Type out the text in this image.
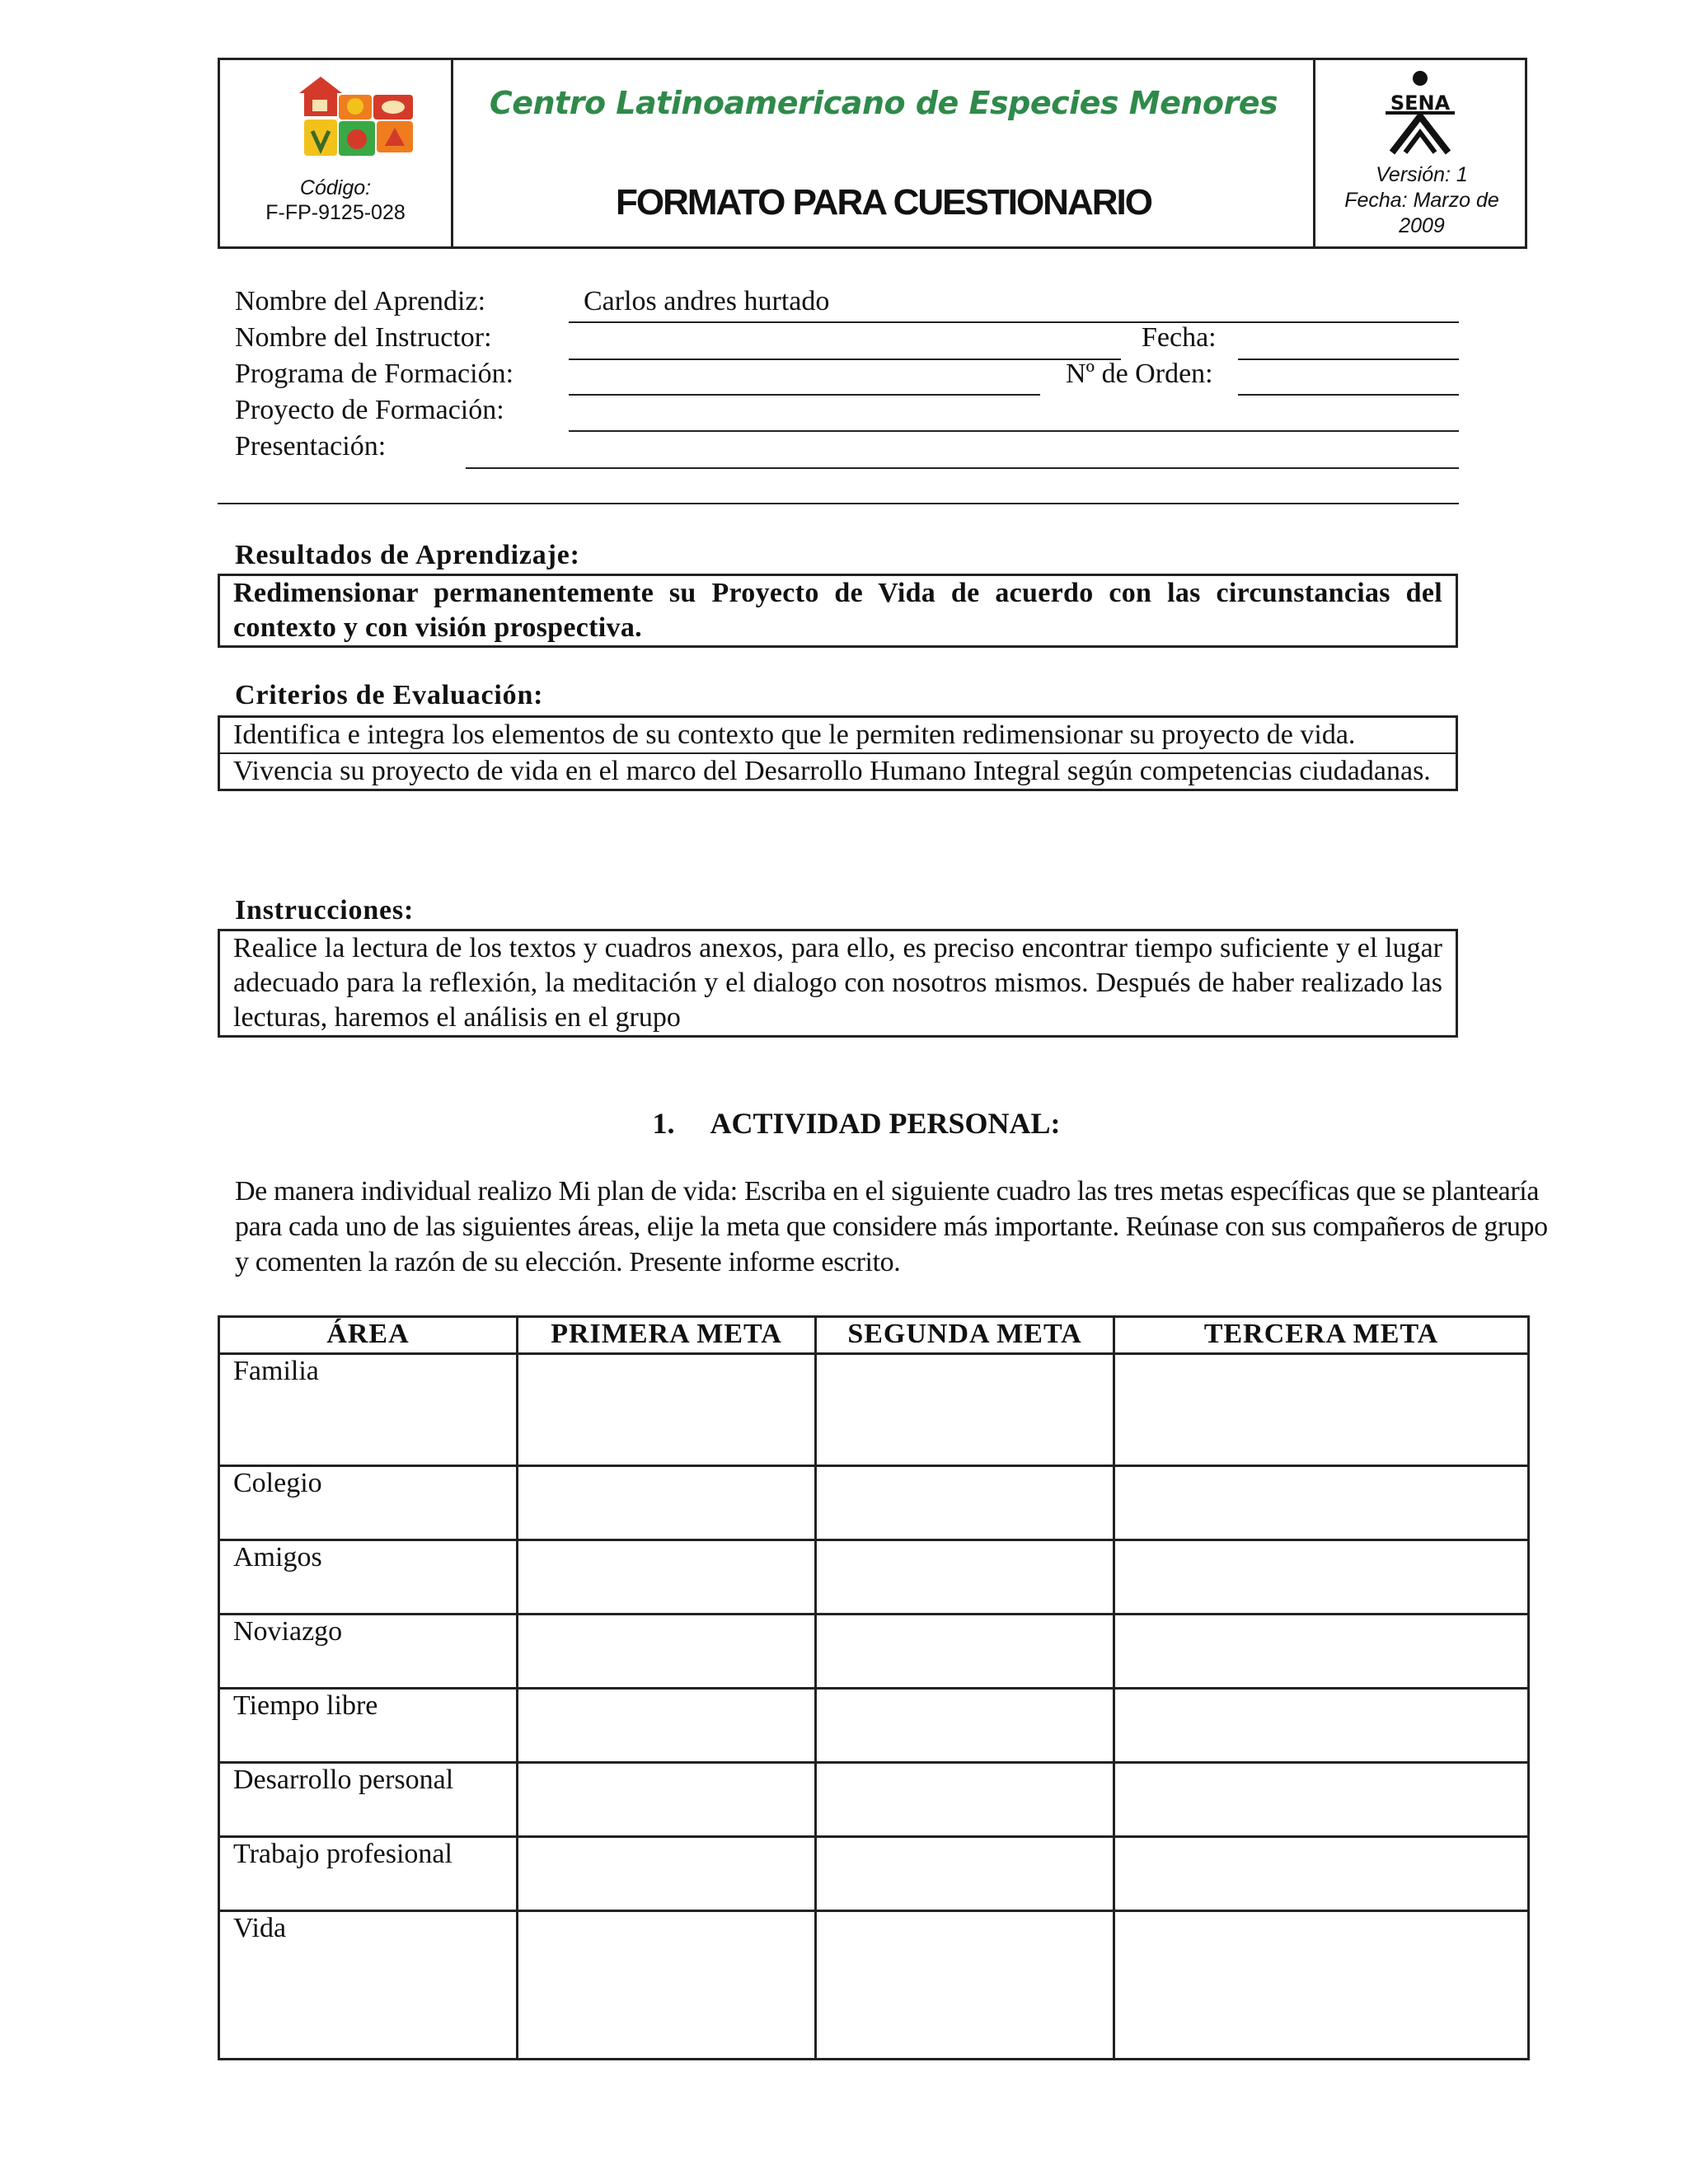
Código:
F-FP-9125-028
Centro Latinoamericano de Especies Menores
FORMATO PARA CUESTIONARIO
SENA
Versión: 1
Fecha: Marzo de
2009
Nombre del Aprendiz:	Carlos andres hurtado
Nombre del Instructor:	Fecha:
Programa de Formación:	Nº de Orden:
Proyecto de Formación:
Presentación:
Resultados de Aprendizaje:
Redimensionar permanentemente su Proyecto de Vida de acuerdo con las circunstancias del contexto y con visión prospectiva.
Criterios de Evaluación:
Identifica e integra los elementos de su contexto que le permiten redimensionar su proyecto de vida.
Vivencia su proyecto de vida en el marco del Desarrollo Humano Integral según competencias ciudadanas.
Instrucciones:
Realice la lectura de los textos y cuadros anexos, para ello, es preciso encontrar tiempo suficiente y el lugar adecuado para la reflexión, la meditación y el dialogo con nosotros mismos. Después de haber realizado las lecturas, haremos el análisis en el grupo
1. ACTIVIDAD PERSONAL:
De manera individual realizo Mi plan de vida: Escriba en el siguiente cuadro las tres metas específicas que se plantearía para cada uno de las siguientes áreas, elije la meta que considere más importante. Reúnase con sus compañeros de grupo y comenten la razón de su elección. Presente informe escrito.
ÁREA	PRIMERA META	SEGUNDA META	TERCERA META
Familia			
Colegio			
Amigos			
Noviazgo			
Tiempo libre			
Desarrollo personal			
Trabajo profesional			
Vida			
